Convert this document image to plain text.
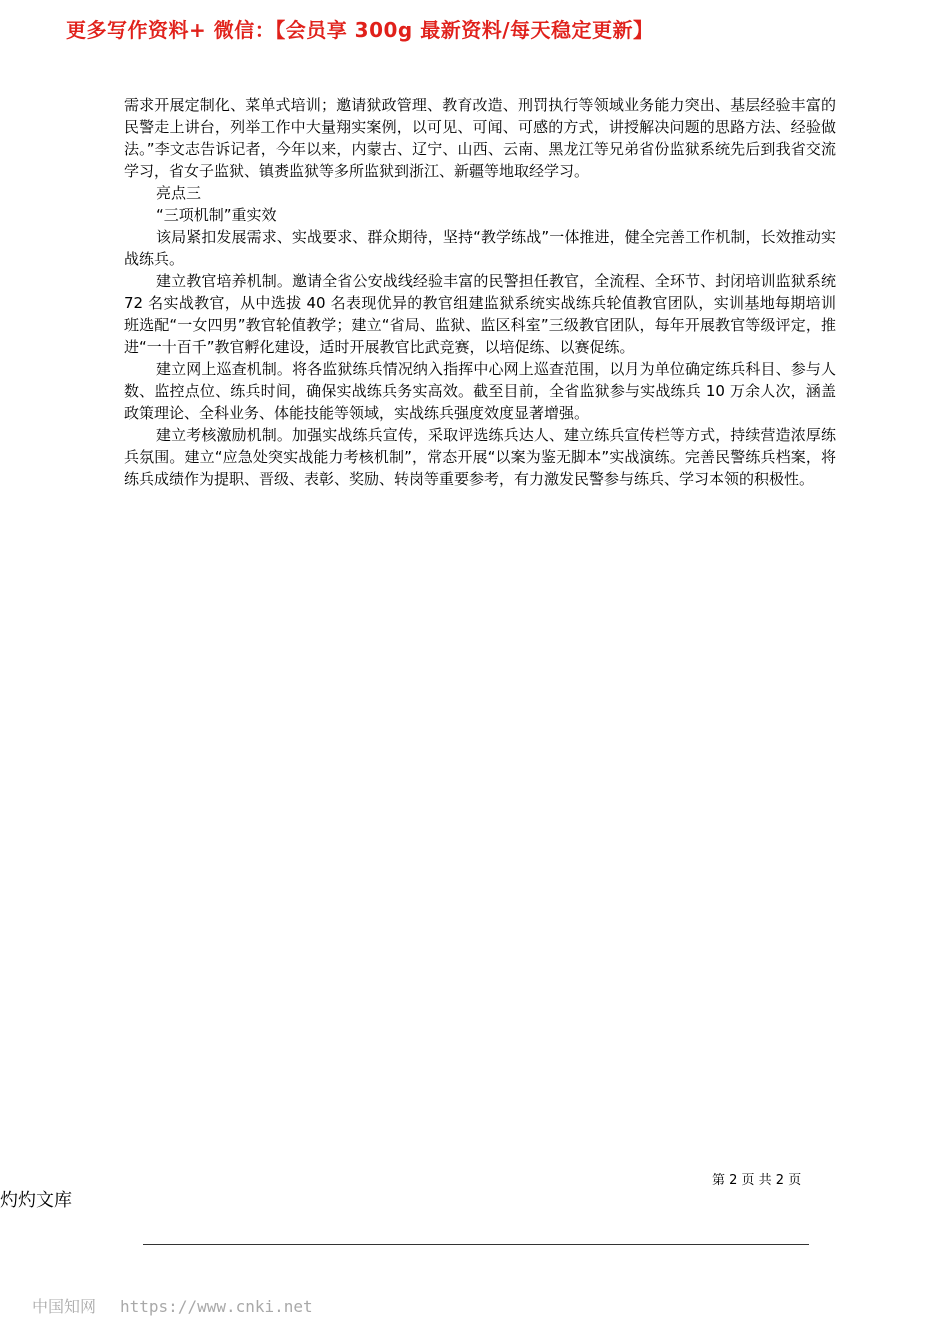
更多写作资料+ 微信：【会员享 300g 最新资料/每天稳定更新】

需求开展定制化、菜单式培训；邀请狱政管理、教育改造、刑罚执行等领域业务能力突出、基层经验丰富的民警走上讲台，列举工作中大量翔实案例，以可见、可闻、可感的方式，讲授解决问题的思路方法、经验做法。”李文志告诉记者，今年以来，内蒙古、辽宁、山西、云南、黑龙江等兄弟省份监狱系统先后到我省交流学习，省女子监狱、镇赉监狱等多所监狱到浙江、新疆等地取经学习。

亮点三

“三项机制”重实效

该局紧扣发展需求、实战要求、群众期待，坚持“教学练战”一体推进，健全完善工作机制，长效推动实战练兵。

建立教官培养机制。邀请全省公安战线经验丰富的民警担任教官，全流程、全环节、封闭培训监狱系统 72 名实战教官，从中选拔 40 名表现优异的教官组建监狱系统实战练兵轮值教官团队，实训基地每期培训班选配“一女四男”教官轮值教学；建立“省局、监狱、监区科室”三级教官团队，每年开展教官等级评定，推进“一十百千”教官孵化建设，适时开展教官比武竞赛，以培促练、以赛促练。

建立网上巡查机制。将各监狱练兵情况纳入指挥中心网上巡查范围，以月为单位确定练兵科目、参与人数、监控点位、练兵时间，确保实战练兵务实高效。截至目前，全省监狱参与实战练兵 10 万余人次，涵盖政策理论、全科业务、体能技能等领域，实战练兵强度效度显著增强。

建立考核激励机制。加强实战练兵宣传，采取评选练兵达人、建立练兵宣传栏等方式，持续营造浓厚练兵氛围。建立“应急处突实战能力考核机制”，常态开展“以案为鉴无脚本”实战演练。完善民警练兵档案，将练兵成绩作为提职、晋级、表彰、奖励、转岗等重要参考，有力激发民警参与练兵、学习本领的积极性。

第 2 页 共 2 页
灼灼文库
中国知网 https://www.cnki.net
